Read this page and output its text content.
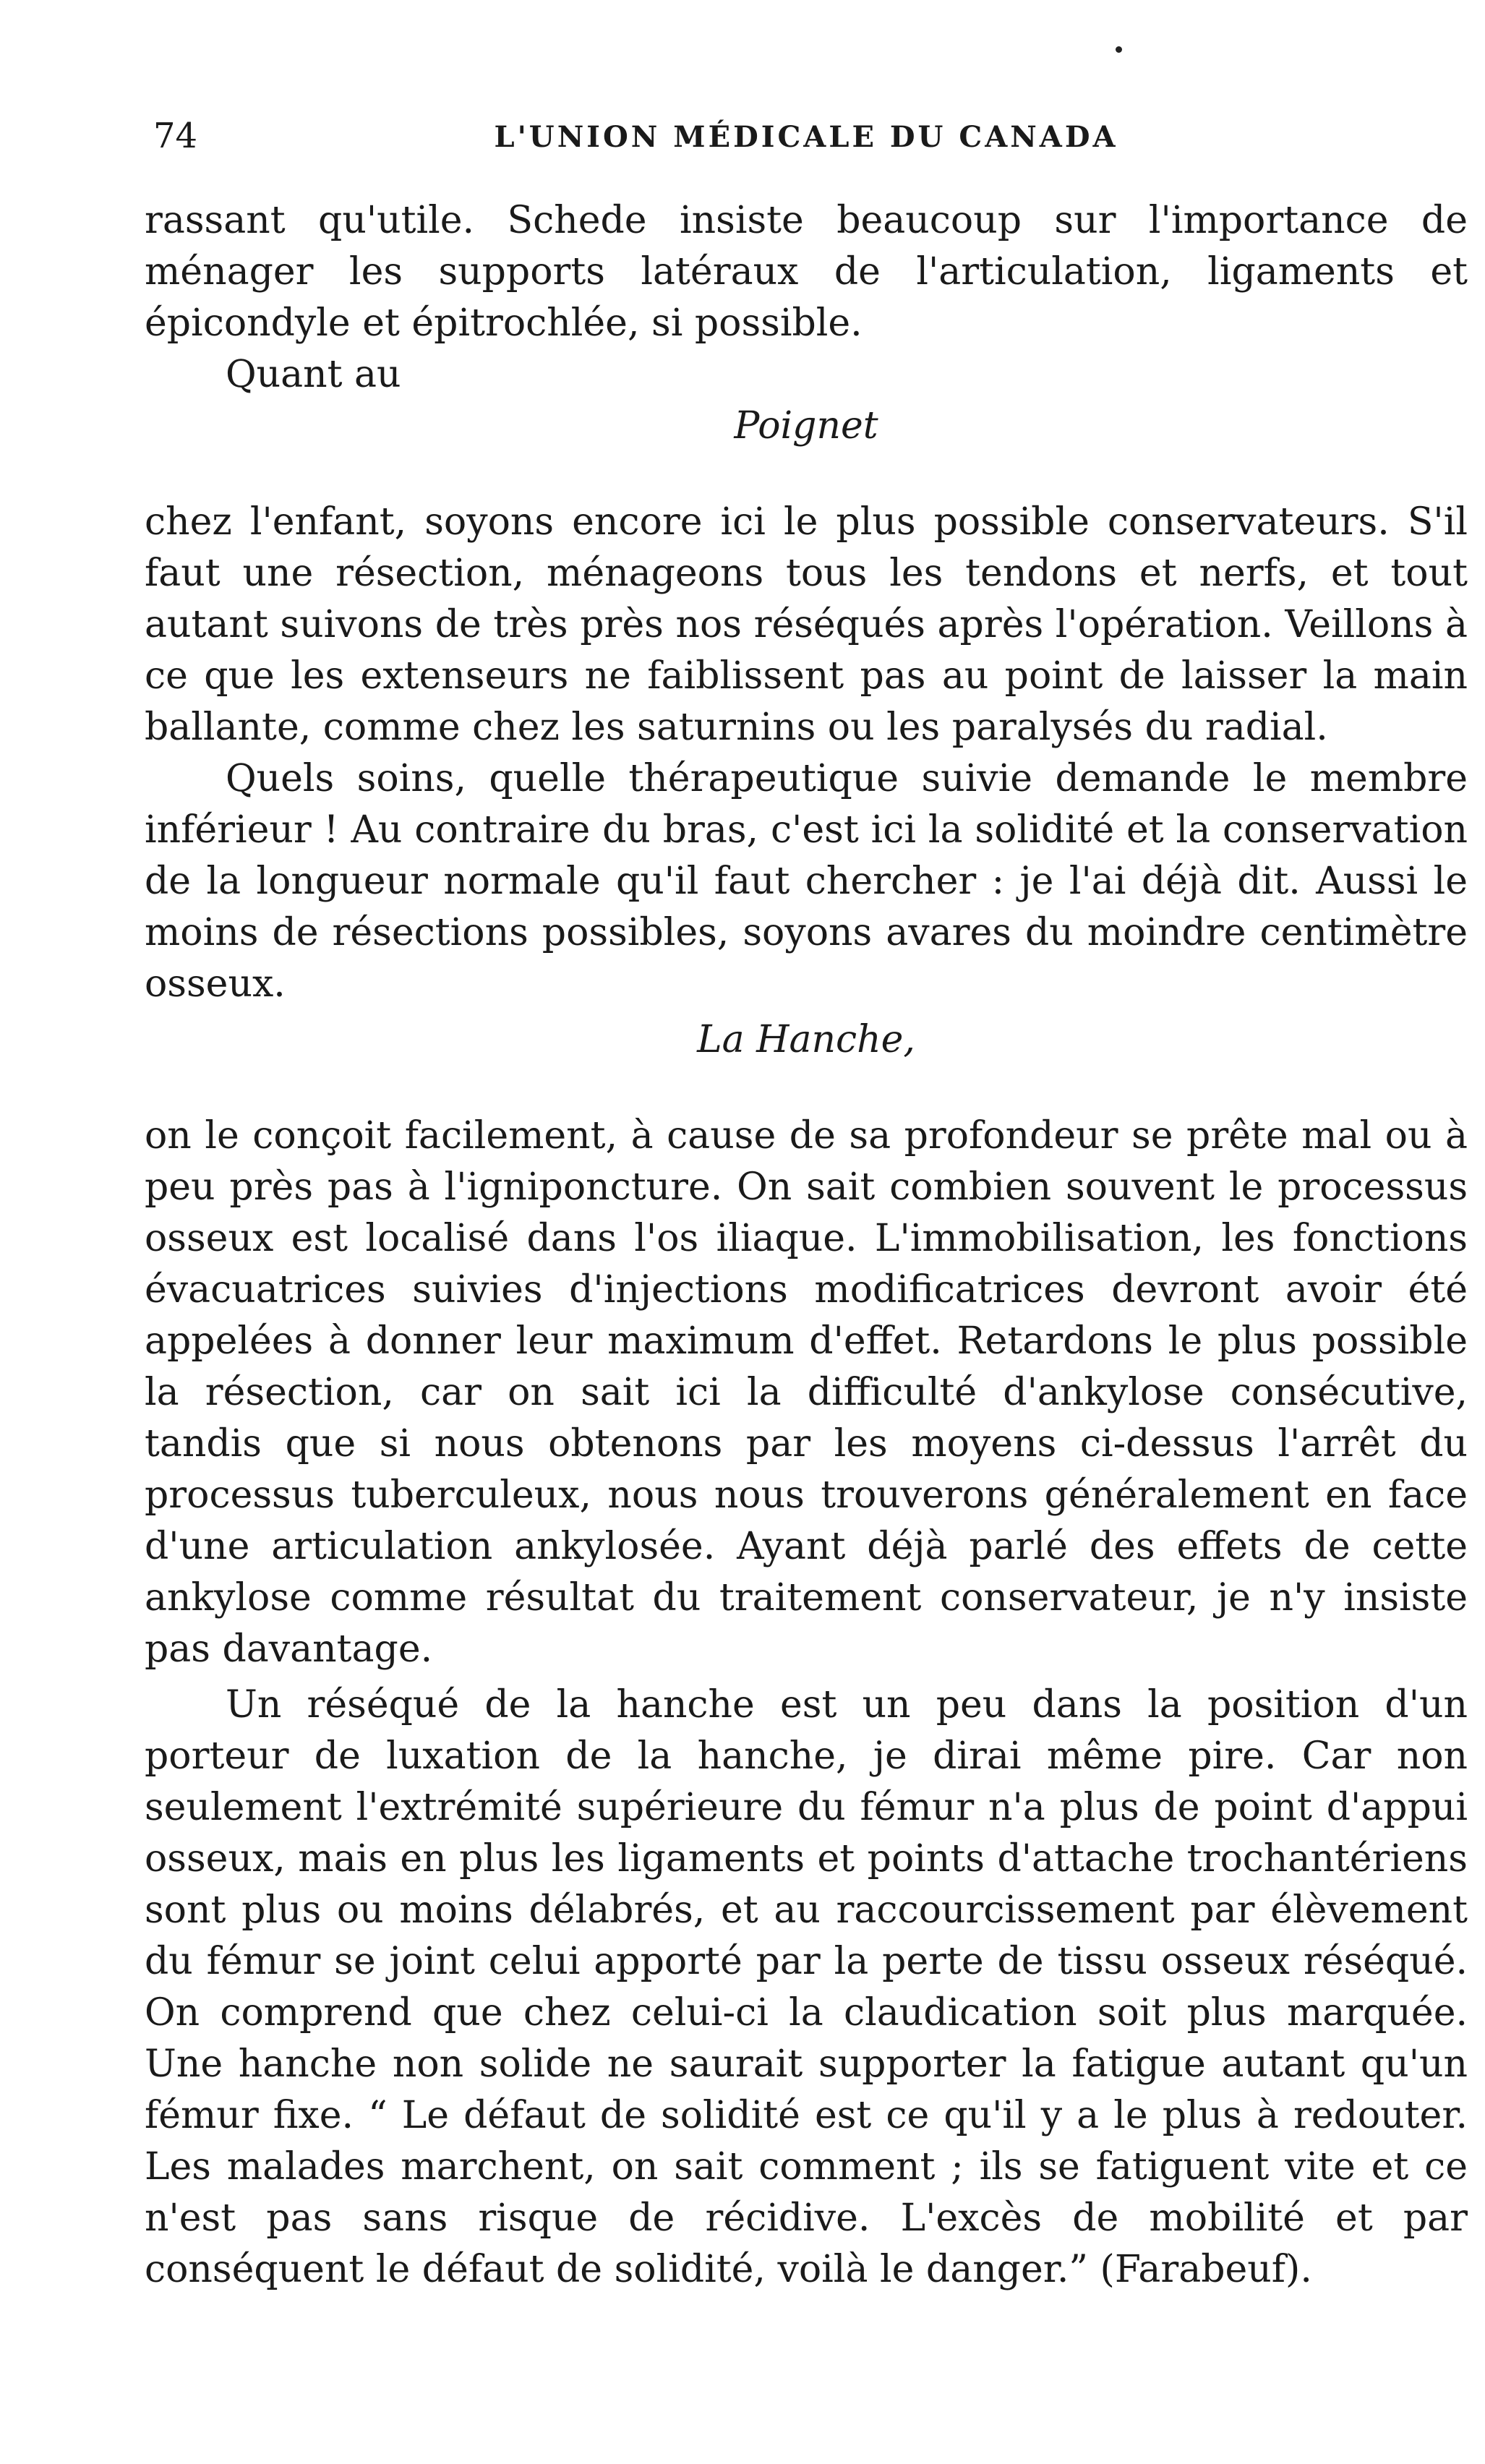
74	L'UNION MÉDICALE DU CANADA

rassant qu'utile. Schede insiste beaucoup sur l'importance de ménager les supports latéraux de l'articulation, ligaments et épicondyle et épitrochlée, si possible.

Quant au

Poignet

chez l'enfant, soyons encore ici le plus possible conservateurs. S'il faut une résection, ménageons tous les tendons et nerfs, et tout autant suivons de très près nos réséqués après l'opération. Veillons à ce que les extenseurs ne faiblissent pas au point de laisser la main ballante, comme chez les saturnins ou les paralysés du radial.

Quels soins, quelle thérapeutique suivie demande le membre inférieur ! Au contraire du bras, c'est ici la solidité et la conservation de la longueur normale qu'il faut chercher : je l'ai déjà dit. Aussi le moins de résections possibles, soyons avares du moindre centimètre osseux.

La Hanche,

on le conçoit facilement, à cause de sa profondeur se prête mal ou à peu près pas à l'igniponcture. On sait combien souvent le processus osseux est localisé dans l'os iliaque. L'immobilisation, les fonctions évacuatrices suivies d'injections modificatrices devront avoir été appelées à donner leur maximum d'effet. Retardons le plus possible la résection, car on sait ici la difficulté d'ankylose consécutive, tandis que si nous obtenons par les moyens ci-dessus l'arrêt du processus tuberculeux, nous nous trouverons généralement en face d'une articulation ankylosée. Ayant déjà parlé des effets de cette ankylose comme résultat du traitement conservateur, je n'y insiste pas davantage.

Un réséqué de la hanche est un peu dans la position d'un porteur de luxation de la hanche, je dirai même pire. Car non seulement l'extrémité supérieure du fémur n'a plus de point d'appui osseux, mais en plus les ligaments et points d'attache trochantériens sont plus ou moins délabrés, et au raccourcissement par élèvement du fémur se joint celui apporté par la perte de tissu osseux réséqué. On comprend que chez celui-ci la claudication soit plus marquée. Une hanche non solide ne saurait supporter la fatigue autant qu'un fémur fixe. “ Le défaut de solidité est ce qu'il y a le plus à redouter. Les malades marchent, on sait comment ; ils se fatiguent vite et ce n'est pas sans risque de récidive. L'excès de mobilité et par conséquent le défaut de solidité, voilà le danger.” (Farabeuf).
